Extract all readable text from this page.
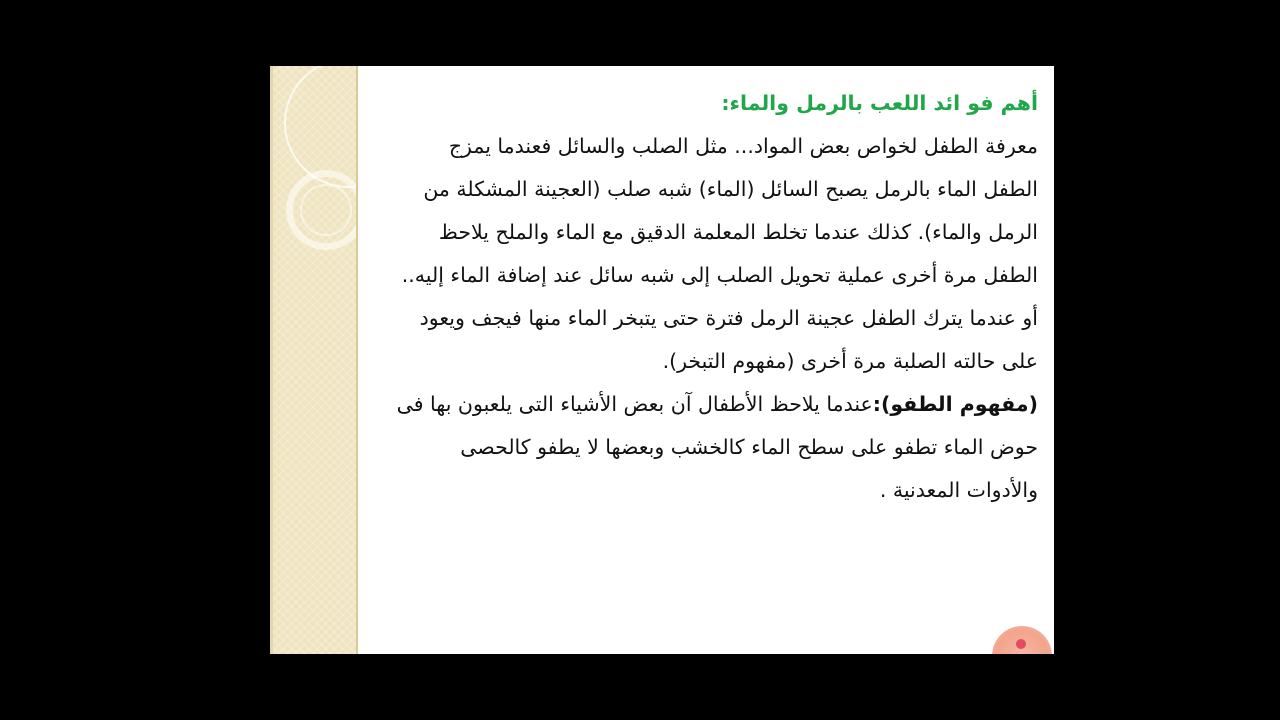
أهم فو ائد اللعب بالرمل والماء:
معرفة الطفل لخواص بعض المواد... مثل الصلب والسائل فعندما يمزج الطفل الماء بالرمل يصبح السائل (الماء) شبه صلب (العجينة المشكلة من الرمل والماء). كذلك عندما تخلط المعلمة الدقيق مع الماء والملح يلاحظ الطفل مرة أخرى عملية تحويل الصلب إلى شبه سائل عند إضافة الماء إليه.. أو عندما يترك الطفل عجينة الرمل فترة حتى يتبخر الماء منها فيجف ويعود على حالته الصلبة مرة أخرى (مفهوم التبخر).
(مفهوم الطفو):عندما يلاحظ الأطفال آن بعض الأشياء التى يلعبون بها فى حوض الماء تطفو على سطح الماء كالخشب وبعضها لا يطفو كالحصى والأدوات المعدنية .
